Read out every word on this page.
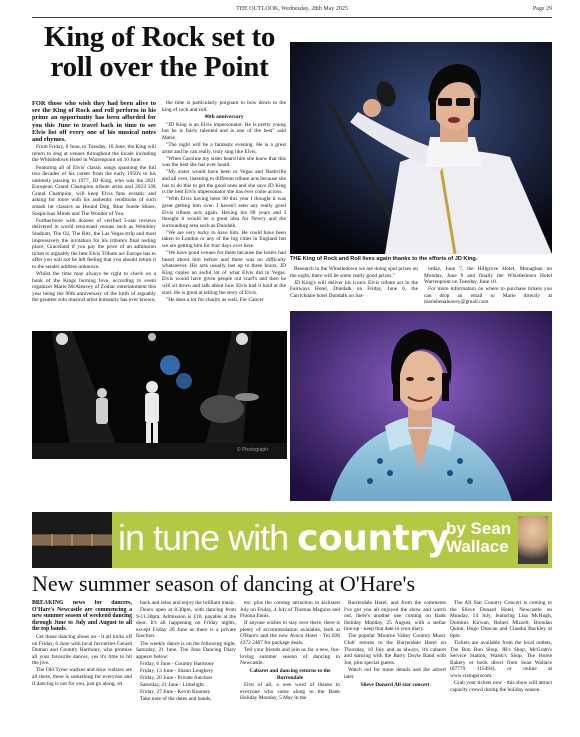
THE OUTLOOK, Wednesday, 28th May 2025	Page 29
King of Rock set to roll over the Point

FOR those who wish they had been alive to see the King of Rock and roll perform in his prime an opportunity has been afforded for you this June to travel back in time to see Elvis list off every one of his musical notes and rhymes.

From Friday, 6 June, to Tuesday, 10 June, the King will return to sing at venues throughout the locale including the Whistledown Hotel in Warrenpoint on 10 June.

Featuring all of Elvis' classic songs spanning the full two decades of his career from the early 1950's to his untimely passing in 1977, JD King, who was the 2021 European Grand Champion tribute artist and 2023 UK Grand Champion, will keep Elvis fans ecstatic and asking for more with his authentic renditions of such smash hit classics as Hound Dog, Blue Suede Shoes, Suspicious Minds and The Wonder of You.

Furthermore with dozens of verified 5-star reviews delivered in world renowned venues such as Wembley Stadium, The O2, The Ritz, the Las Vegas strip and most impressively the invitation for his tribute's final resting place, Graceland if you pay the price of an admission ticket to arguably the best Elvis Tribute act Europe has to offer you will not be left feeling that you should return it to the sender address unknown.

Whilst the time may always be right to check on a hunk of the Kings burning love, according to event organizer Marie McAleavey of Zodiac entertainment this year being the 90th anniversary of the birth of arguably the greatest solo musical artist humanity has ever known,

the time is particularly poignant to bow down to the king of rock and roll.

90th anniversary

"JD King is an Elvis impersonator. He is pretty young but he is fairly talented and is one of the best" said Marie.

"The night will be a fantastic evening. He is a great artist and he can really, truly sing like Elvis.

"When Caroline my sister heard him she knew that this was the best she has ever heard.

"My sister would have been to Vegas and Nashville and all over, listening to different tribute acts because she has to do this to get the good ones and she says JD King is the best Elvis impersonator she has ever come across.

"With Elvis having been 90 this year I thought it was great getting him over. I haven't seen any really good Elvis tribute acts again. Having his 90 years and I thought it would be a great idea for Newry and the surrounding area such as Dundalk.

"We are very lucky to have him. He could have been taken to London or any of the big cities in England but we are getting him for four days over here.

"We have good venues for them because the hotels had heard about him before and there was no difficulty whatsoever. His acts usually last up to three hours. JD King copies an awful lot of what Elvis did in Vegas. Elvis would have given people out scarf's and then he will sit down and talk about how Elvis had it hard at the start. He is great at telling the story of Elvis.

"He does a lot for charity as well. For Cancer

THE King of Rock and Roll lives again thanks to the efforts of JD King.

Research in the Whistledown we are doing spot prizes on the night, there will be some really good prizes."

JD King's will deliver his iconic Elvis tribute act in the Fairways Hotel, Dundalk on Friday, June 6, the Carrickdale hotel Dundalk on Sat-

urday, June 7, the Hillgrove Hotel, Monaghan on Monday, June 9 and finally the Whistledown Hotel Warrenpoint on Tuesday, June 10.

For more information on where to purchase tickets you can drop an email to Marie directly at mariebenaleavey@gmail.com

© Photograph
in tune with country
by Sean
Wallace
New summer season of dancing at O'Hare's

BREAKING news for dancers, O'Hare's Newcastle are commencing a new summer season of weekend dancing through June to July and August to all the top bands.

Get those dancing shoes on - it all kicks off on Friday, 6 June with local favourites Gerard Duman and Country Harmony, who promise all your favourite dances, yes it's time to hit the jive.

The Old Tyme waltzes and slow waltzes are all there, there is something for everyone and if dancing is not for you, just go along, sit

back and relax and enjoy the brilliant music.

Doors open at 8.30pm, with dancing from 9-11.30pm. Admission is £10, payable at the door. It's all happening on Friday nights, except Friday 20 June as there is a private function.

The weekly dance is on the following night, Saturday, 21 June. The June Dancing Diary appears below:

Friday, 6 June - Country Harmony

Friday, 13 June - Shaun Loughery

Friday, 20 June - Private function

Saturday, 21 June - Limelight

Friday, 27 June - Kevin Kearney

Take note of the dates and bands,

etc. plus the coming attraction to kickstart July on Friday, 4 July.of Thomas Maguire and Fhiona Ennis.

If anyone wishes to stay over there, there is plenty of accommodation available, both at O'Hare's and the new Avoca Hotel - Tel 028 4372 2487 for package deals.

Tell your friends and join us for a new, fun-loving summer season of dancing in Newcastle.

Cabaret and dancing returns to the Burrendale

First of all, a wee word of thanks to everyone who came along to the Bank Holiday Monday, 5 May in the

Burrendale Hotel, and from the comments I've got you all enjoyed the show and watch out, there's another one coming on Bank Holiday Monday, 25 August, with a stellar line-up - keep that date in your diary.

The popular 'Mourne Valley Country Music Club' returns to the Burrendale Hotel on Thursday, 10 July and as always, it's cabaret and dancing with the Barry Doyle Band with Joe, plus special guests.

Watch out for more details and the advert later.

Slieve Donard All star concert

The All Star Country Concert is coming to the Slieve Donard Hotel, Newcastle on Monday, 14 July, featuring Lisa McHugh, Dominic Kirwan, Robert Mizzell, Brendan Quinn, Hugo Duncan and Claudia Buckley at 8pm.

Tickets are available from the local outlets, The Bon Bon Shop, JR's Shop, McGrath's Service Station, Walsh's Shop, The Home Bakery or book direct from Sean Wallace (07779 115494), or online at www.ctsingerscom.

Grab your tickets now - this show will attract capacity crowd during the holiday season.
